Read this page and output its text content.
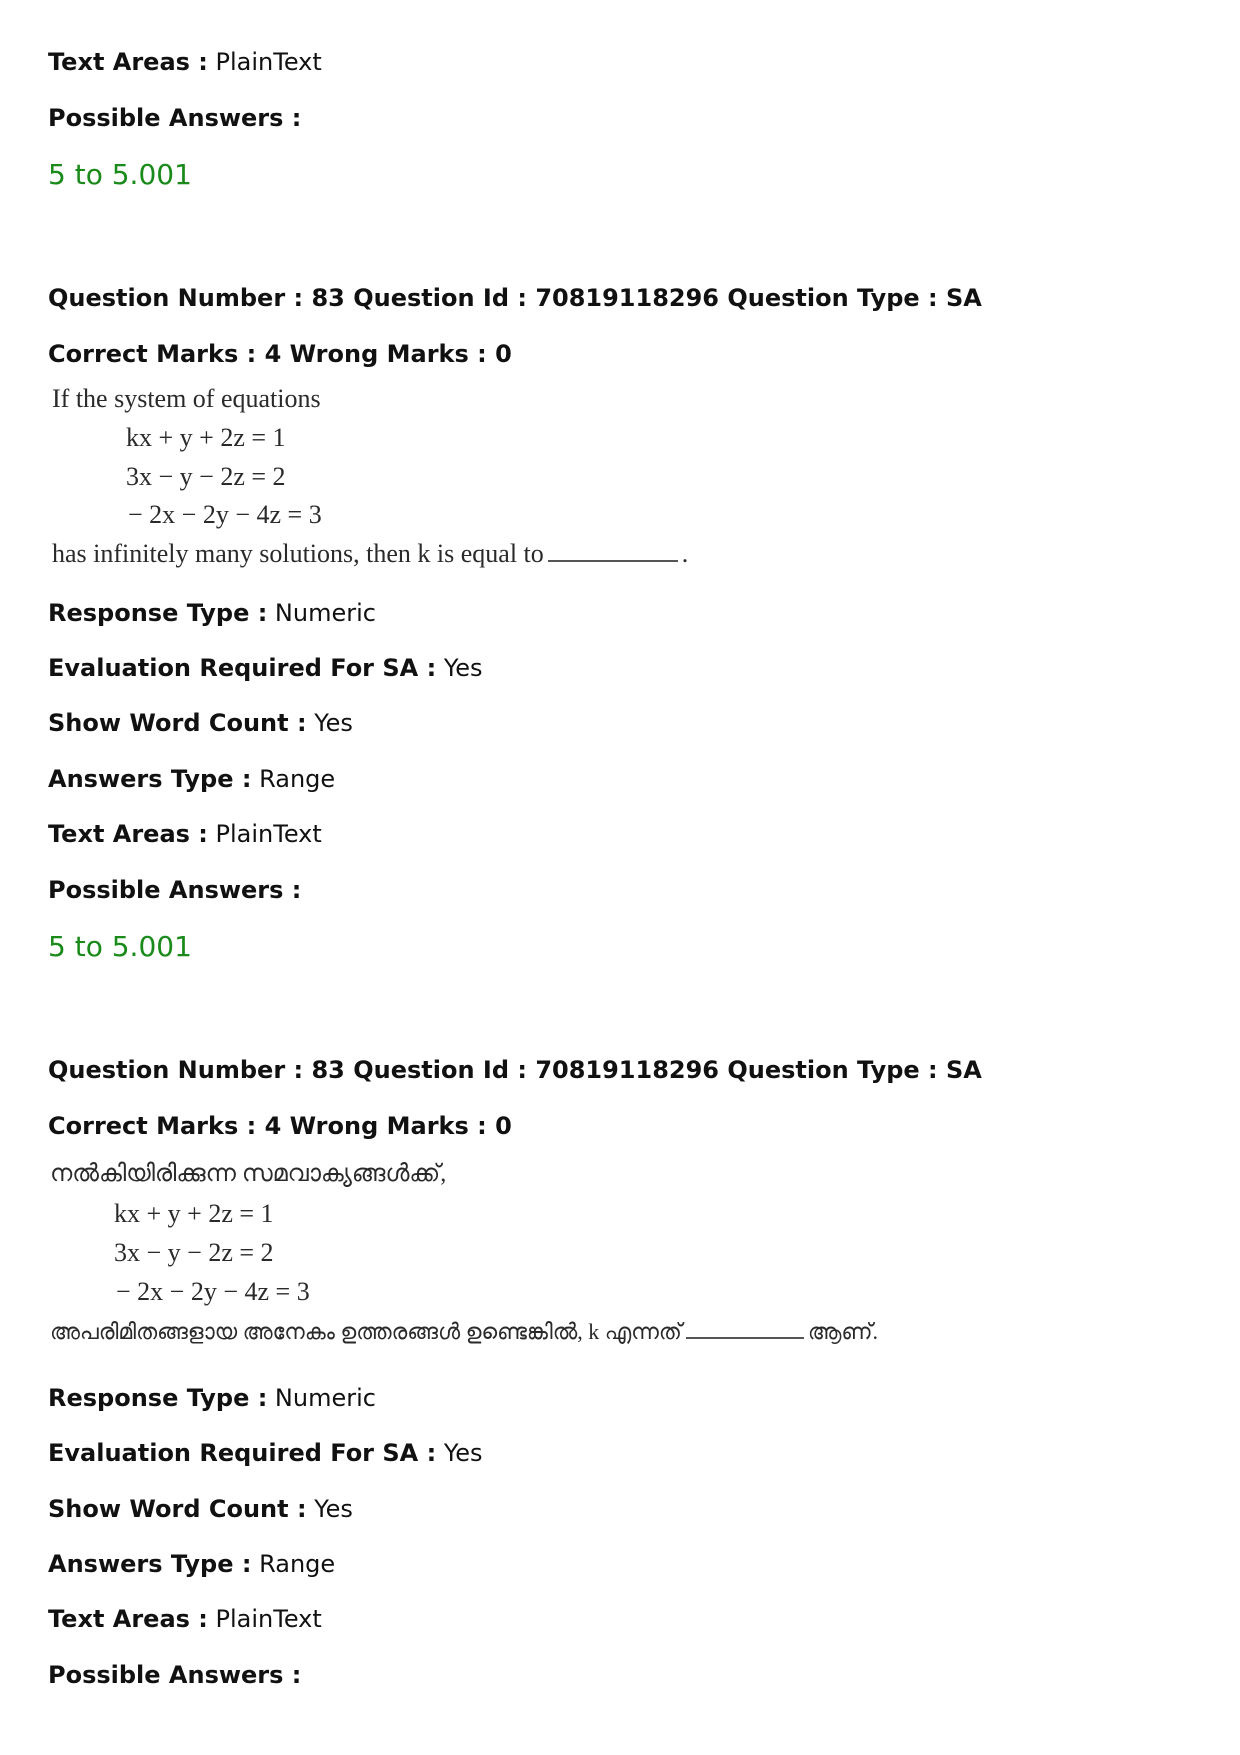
Text Areas : PlainText
Possible Answers :
5 to 5.001
Question Number : 83 Question Id : 70819118296 Question Type : SA
Correct Marks : 4 Wrong Marks : 0
If the system of equations
kx + y + 2z = 1
3x − y − 2z = 2
− 2x − 2y − 4z = 3
has infinitely many solutions, then k is equal to	.
Response Type : Numeric
Evaluation Required For SA : Yes
Show Word Count : Yes
Answers Type : Range
Text Areas : PlainText
Possible Answers :
5 to 5.001
Question Number : 83 Question Id : 70819118296 Question Type : SA
Correct Marks : 4 Wrong Marks : 0
നൽകിയിരിക്കുന്ന സമവാക്യങ്ങൾക്ക്,
kx + y + 2z = 1
3x − y − 2z = 2
− 2x − 2y − 4z = 3
അപരിമിതങ്ങളായ അനേകം ഉത്തരങ്ങൾ ഉണ്ടെങ്കിൽ, k എന്നത്	ആണ്.
Response Type : Numeric
Evaluation Required For SA : Yes
Show Word Count : Yes
Answers Type : Range
Text Areas : PlainText
Possible Answers :
